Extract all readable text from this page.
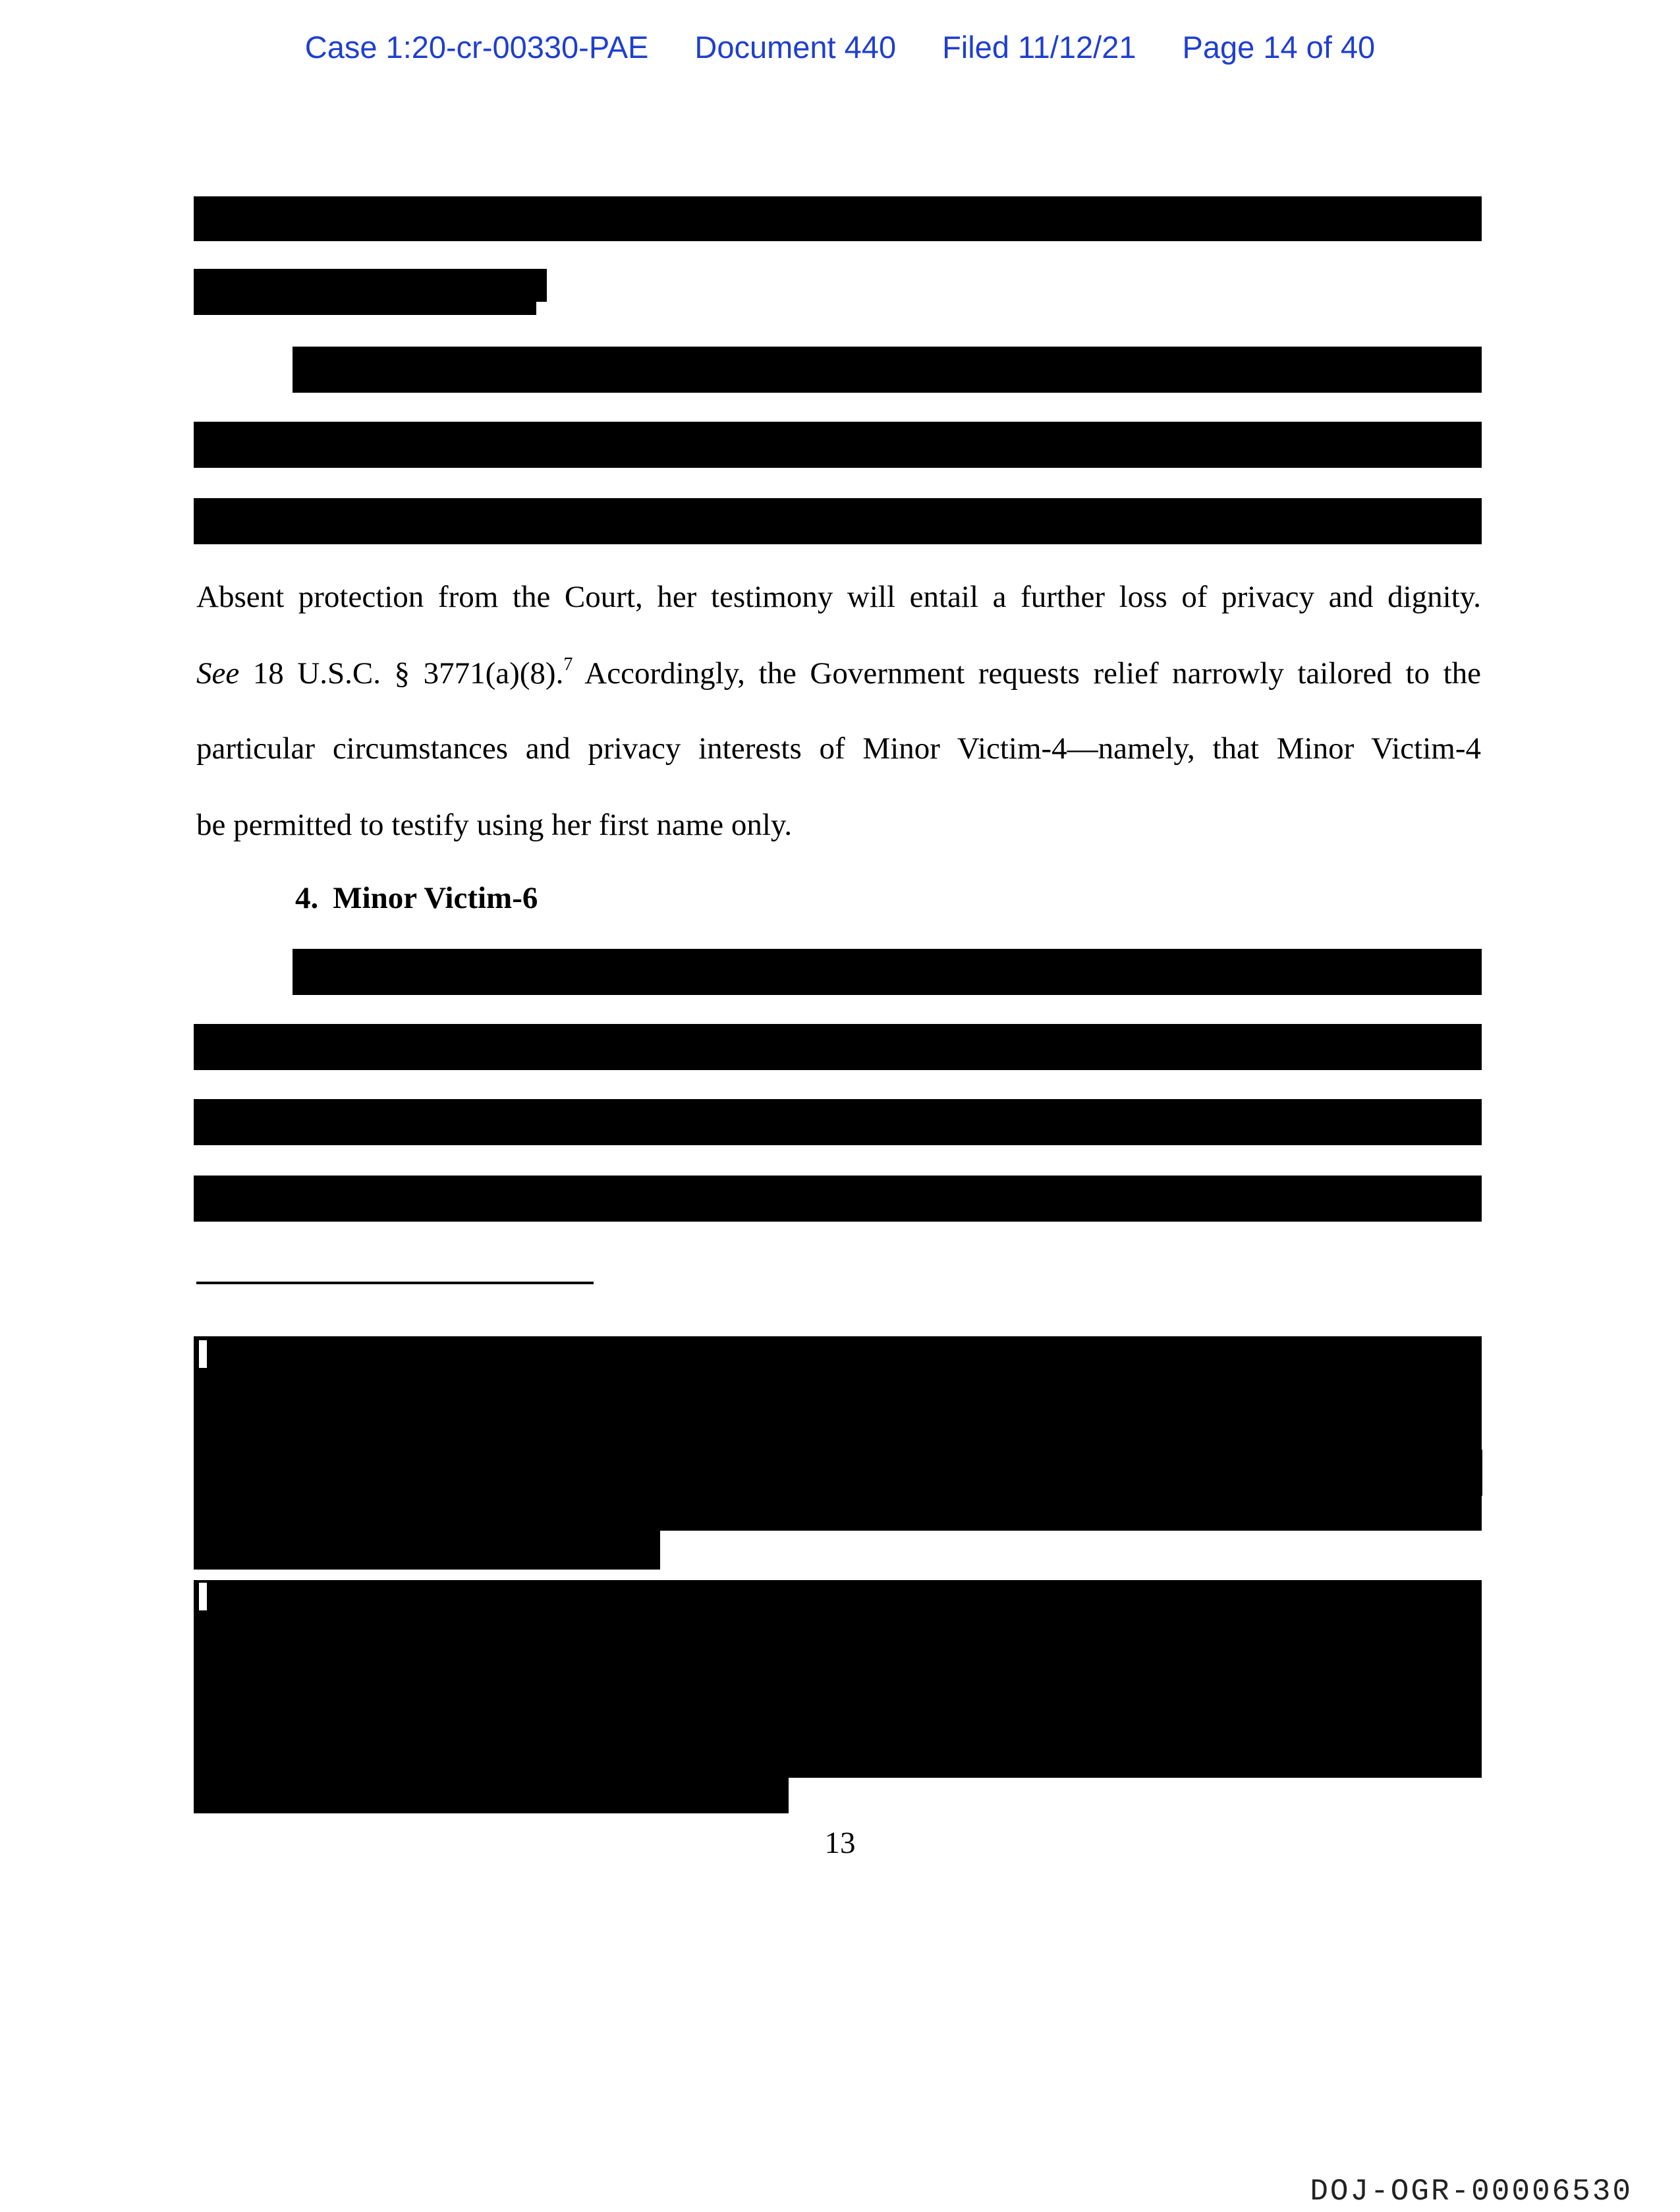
Case 1:20-cr-00330-PAE Document 440 Filed 11/12/21 Page 14 of 40
Absent protection from the Court, her testimony will entail a further loss of privacy and dignity.
See 18 U.S.C. § 3771(a)(8).$^7$ Accordingly, the Government requests relief narrowly tailored to the
particular circumstances and privacy interests of Minor Victim-4—namely, that Minor Victim-4
be permitted to testify using her first name only.
4. Minor Victim-6
13
DOJ-OGR-00006530
